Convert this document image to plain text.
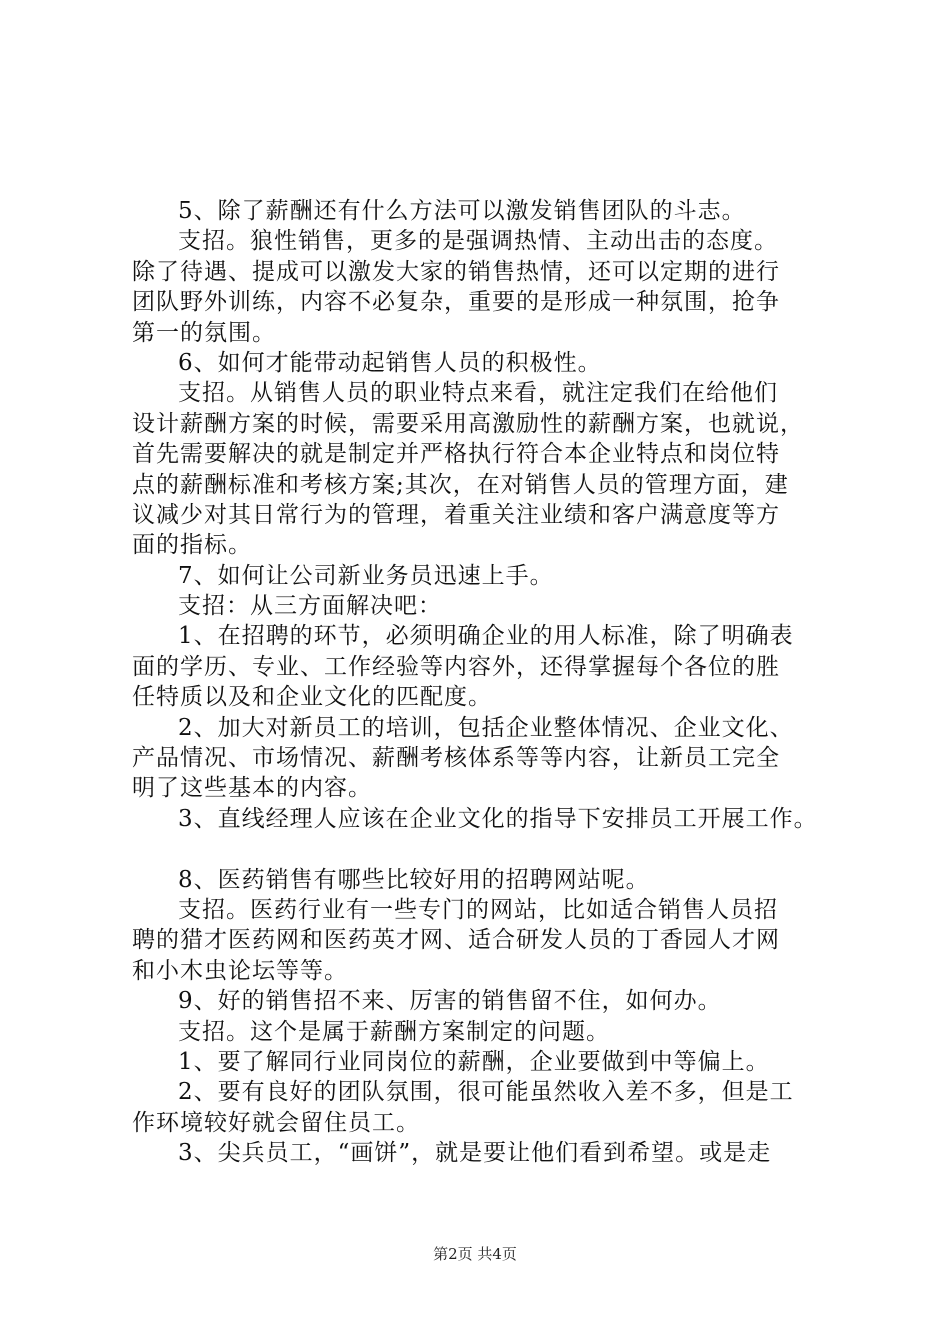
5、除了薪酬还有什么方法可以激发销售团队的斗志。
支招。狼性销售，更多的是强调热情、主动出击的态度。
除了待遇、提成可以激发大家的销售热情，还可以定期的进行
团队野外训练，内容不必复杂，重要的是形成一种氛围，抢争
第一的氛围。
6、如何才能带动起销售人员的积极性。
支招。从销售人员的职业特点来看，就注定我们在给他们
设计薪酬方案的时候，需要采用高激励性的薪酬方案，也就说，
首先需要解决的就是制定并严格执行符合本企业特点和岗位特
点的薪酬标准和考核方案;其次，在对销售人员的管理方面，建
议减少对其日常行为的管理，着重关注业绩和客户满意度等方
面的指标。
7、如何让公司新业务员迅速上手。
支招：从三方面解决吧：
1、在招聘的环节，必须明确企业的用人标准，除了明确表
面的学历、专业、工作经验等内容外，还得掌握每个各位的胜
任特质以及和企业文化的匹配度。
2、加大对新员工的培训，包括企业整体情况、企业文化、
产品情况、市场情况、薪酬考核体系等等内容，让新员工完全
明了这些基本的内容。
3、直线经理人应该在企业文化的指导下安排员工开展工作。
8、医药销售有哪些比较好用的招聘网站呢。
支招。医药行业有一些专门的网站，比如适合销售人员招
聘的猎才医药网和医药英才网、适合研发人员的丁香园人才网
和小木虫论坛等等。
9、好的销售招不来、厉害的销售留不住，如何办。
支招。这个是属于薪酬方案制定的问题。
1、要了解同行业同岗位的薪酬，企业要做到中等偏上。
2、要有良好的团队氛围，很可能虽然收入差不多，但是工
作环境较好就会留住员工。
3、尖兵员工，“画饼”，就是要让他们看到希望。或是走
第2页 共4页
